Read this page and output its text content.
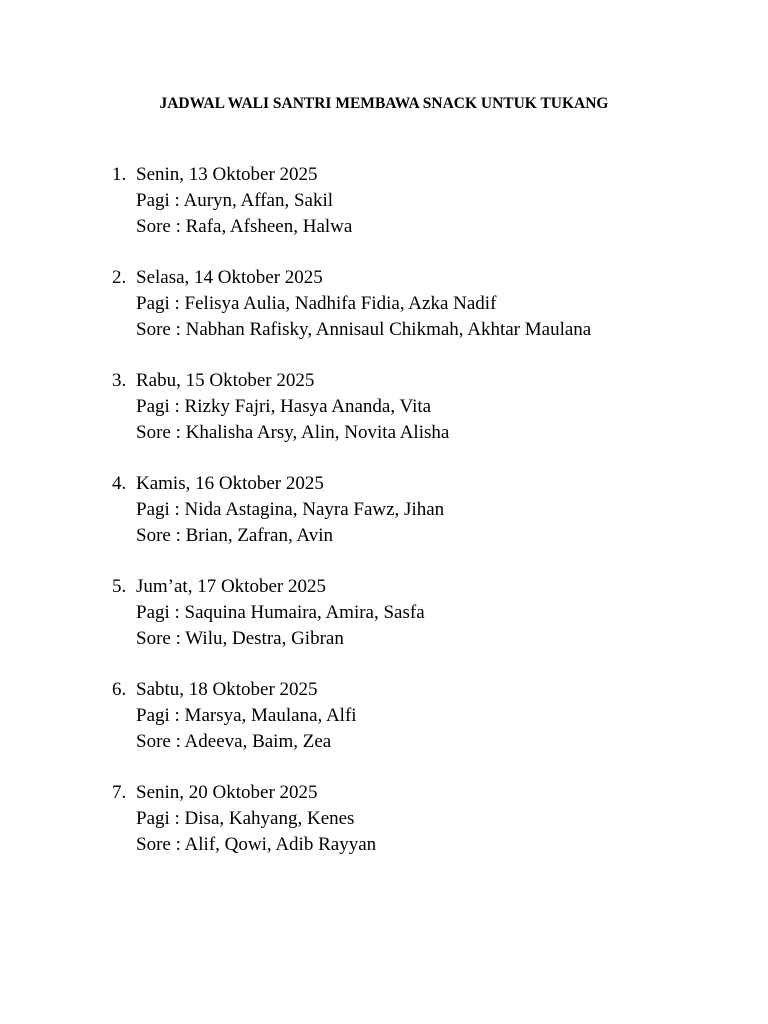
JADWAL WALI SANTRI MEMBAWA SNACK UNTUK TUKANG
1. Senin, 13 Oktober 2025
Pagi : Auryn, Affan, Sakil
Sore : Rafa, Afsheen, Halwa
2. Selasa, 14 Oktober 2025
Pagi : Felisya Aulia, Nadhifa Fidia, Azka Nadif
Sore : Nabhan Rafisky, Annisaul Chikmah, Akhtar Maulana
3. Rabu, 15 Oktober 2025
Pagi : Rizky Fajri, Hasya Ananda, Vita
Sore : Khalisha Arsy, Alin, Novita Alisha
4. Kamis, 16 Oktober 2025
Pagi : Nida Astagina, Nayra Fawz, Jihan
Sore : Brian, Zafran, Avin
5. Jum’at, 17 Oktober 2025
Pagi : Saquina Humaira, Amira, Sasfa
Sore : Wilu, Destra, Gibran
6. Sabtu, 18 Oktober 2025
Pagi : Marsya, Maulana, Alfi
Sore : Adeeva, Baim, Zea
7. Senin, 20 Oktober 2025
Pagi : Disa, Kahyang, Kenes
Sore : Alif, Qowi, Adib Rayyan
